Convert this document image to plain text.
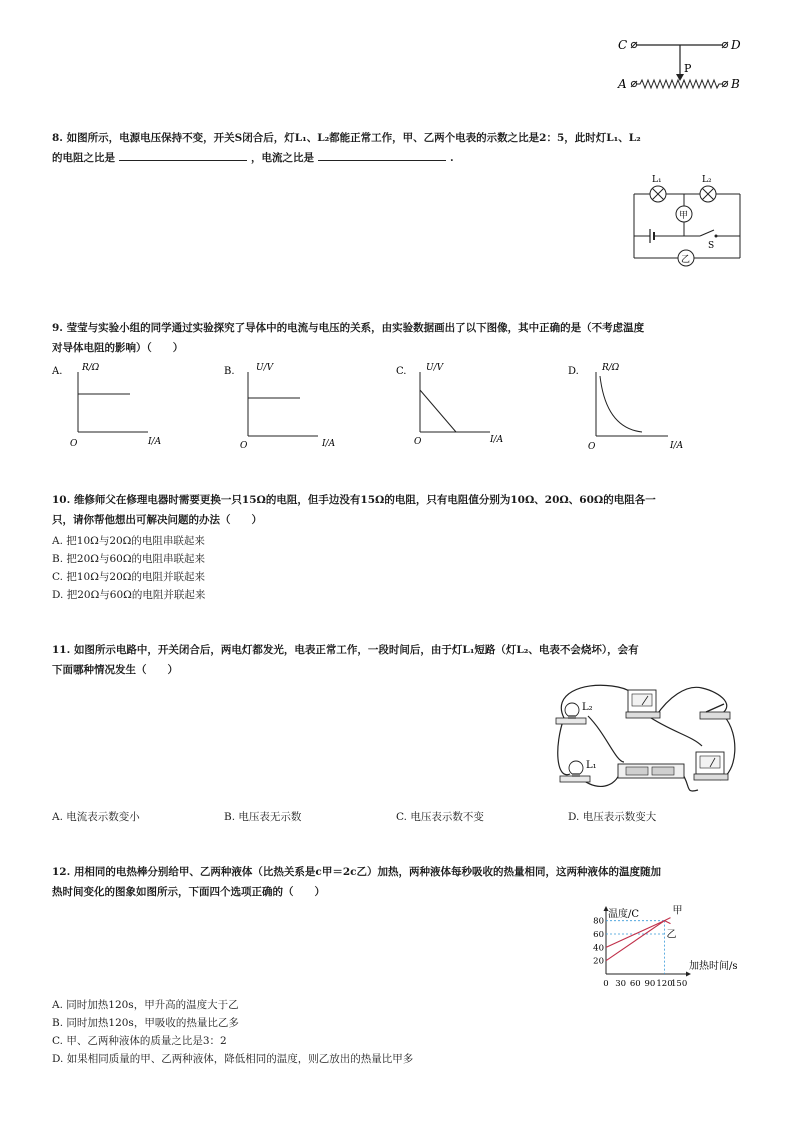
C	D
P
A	B
8. 如图所示，电源电压保持不变，开关S闭合后，灯L₁、L₂都能正常工作，甲、乙两个电表的示数之比是2：5，此时灯L₁、L₂
的电阻之比是	，电流之比是	.
L₁	L₂
甲
S
乙
9. 莹莹与实验小组的同学通过实验探究了导体中的电流与电压的关系，由实验数据画出了以下图像，其中正确的是（不考虑温度
对导体电阻的影响）（　　）
A. R/Ω
O	I/A
B. U/V
O	I/A
C. U/V
O	I/A
D.	R/Ω
O	I/A
10. 维修师父在修理电器时需要更换一只15Ω的电阻，但手边没有15Ω的电阻，只有电阻值分别为10Ω、20Ω、60Ω的电阻各一
只，请你帮他想出可解决问题的办法（　　）
A. 把10Ω与20Ω的电阻串联起来
B. 把20Ω与60Ω的电阻串联起来
C. 把10Ω与20Ω的电阻并联起来
D. 把20Ω与60Ω的电阻并联起来
11. 如图所示电路中，开关闭合后，两电灯都发光，电表正常工作，一段时间后，由于灯L₁短路（灯L₂、电表不会烧坏），会有
下面哪种情况发生（　　）
L₂
L₁
A. 电流表示数变小	B. 电压表无示数	C. 电压表示数不变	D. 电压表示数变大
12. 用相同的电热棒分别给甲、乙两种液体（比热关系是c甲＝2c乙）加热，两种液体每秒吸收的热量相同，这两种液体的温度随加
热时间变化的图象如图所示，下面四个选项正确的（　　）
温度/C
加热时间/s
20
40
60
80
0 30 60 90 120
150
甲
乙
A. 同时加热120s，甲升高的温度大于乙
B. 同时加热120s，甲吸收的热量比乙多
C. 甲、乙两种液体的质量之比是3：2
D. 如果相同质量的甲、乙两种液体，降低相同的温度，则乙放出的热量比甲多
